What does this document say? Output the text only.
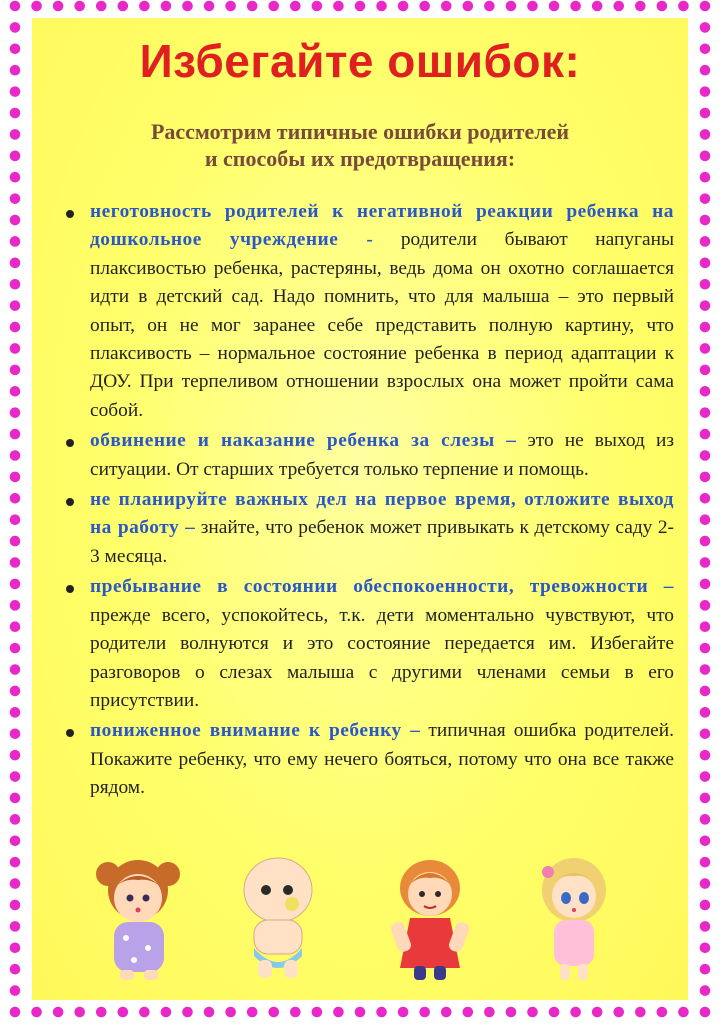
Избегайте ошибок:
Рассмотрим типичные ошибки родителей
и способы их предотвращения:
неготовность родителей к негативной реакции ребенка на дошкольное учреждение - родители бывают напуганы плаксивостью ребенка, растеряны, ведь дома он охотно соглашается идти в детский сад. Надо помнить, что для малыша – это первый опыт, он не мог заранее себе представить полную картину, что плаксивость – нормальное состояние ребенка в период адаптации к ДОУ. При терпеливом отношении взрослых она может пройти сама собой.
обвинение и наказание ребенка за слезы – это не выход из ситуации. От старших требуется только терпение и помощь.
не планируйте важных дел на первое время, отложите выход на работу – знайте, что ребенок может привыкать к детскому саду 2-3 месяца.
пребывание в состоянии обеспокоенности, тревожности – прежде всего, успокойтесь, т.к. дети моментально чувствуют, что родители волнуются и это состояние передается им. Избегайте разговоров о слезах малыша с другими членами семьи в его присутствии.
пониженное внимание к ребенку – типичная ошибка родителей. Покажите ребенку, что ему нечего бояться, потому что она все также рядом.
